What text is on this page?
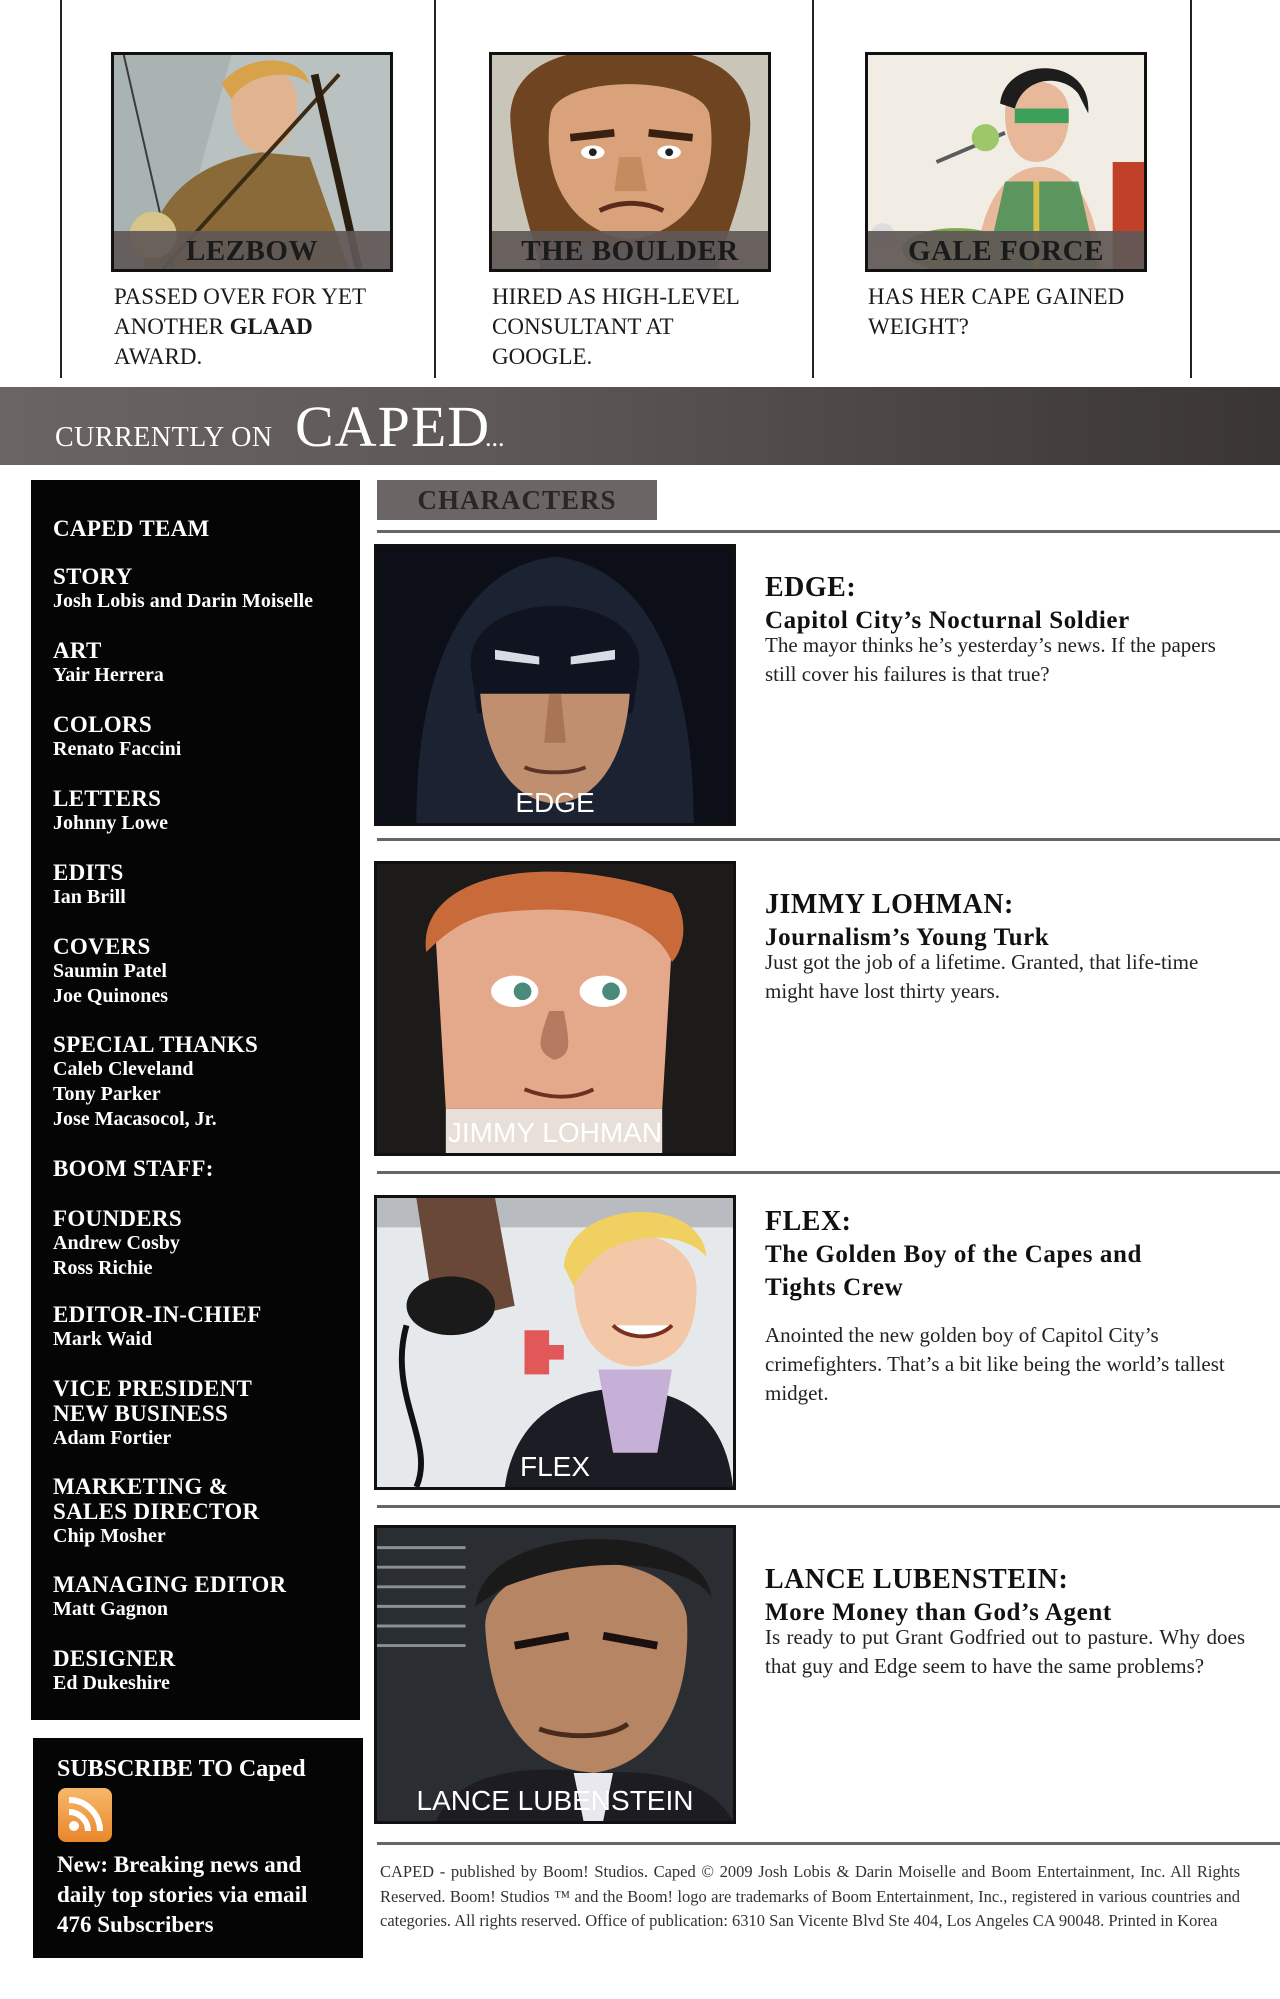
LEZBOW
PASSED OVER FOR YET ANOTHER GLAAD AWARD.
THE BOULDER
HIRED AS HIGH-LEVEL CONSULTANT AT GOOGLE.
GALE FORCE
HAS HER CAPE GAINED WEIGHT?
CURRENTLY ON CAPED
...
CAPED TEAM
STORY
Josh Lobis and Darin Moiselle
ART
Yair Herrera
COLORS
Renato Faccini
LETTERS
Johnny Lowe
EDITS
Ian Brill
COVERS
Saumin Patel
Joe Quinones
SPECIAL THANKS
Caleb Cleveland
Tony Parker
Jose Macasocol, Jr.
BOOM STAFF:
FOUNDERS
Andrew Cosby
Ross Richie
EDITOR-IN-CHIEF
Mark Waid
VICE PRESIDENT
NEW BUSINESS
Adam Fortier
MARKETING &
SALES DIRECTOR
Chip Mosher
MANAGING EDITOR
Matt Gagnon
DESIGNER
Ed Dukeshire
SUBSCRIBE TO Caped
New: Breaking news and
daily top stories via email
476 Subscribers
CHARACTERS
EDGE
EDGE:
Capitol City’s Nocturnal Soldier
The mayor thinks he’s yesterday’s news. If the papers still cover his failures is that true?
JIMMY LOHMAN
JIMMY LOHMAN:
Journalism’s Young Turk
Just got the job of a lifetime. Granted, that life-time might have lost thirty years.
FLEX
FLEX:
The Golden Boy of the Capes and
Tights Crew
Anointed the new golden boy of Capitol City’s crimefighters. That’s a bit like being the world’s tallest midget.
LANCE LUBENSTEIN
LANCE LUBENSTEIN:
More Money than God’s Agent
Is ready to put Grant Godfried out to pasture. Why does that guy and Edge seem to have the same problems?
CAPED - published by Boom! Studios. Caped © 2009 Josh Lobis & Darin Moiselle and Boom Entertainment, Inc. All Rights Reserved. Boom! Studios ™ and the Boom! logo are trademarks of Boom Entertainment, Inc., registered in various countries and categories. All rights reserved. Office of publication: 6310 San Vicente Blvd Ste 404, Los Angeles CA 90048. Printed in Korea
